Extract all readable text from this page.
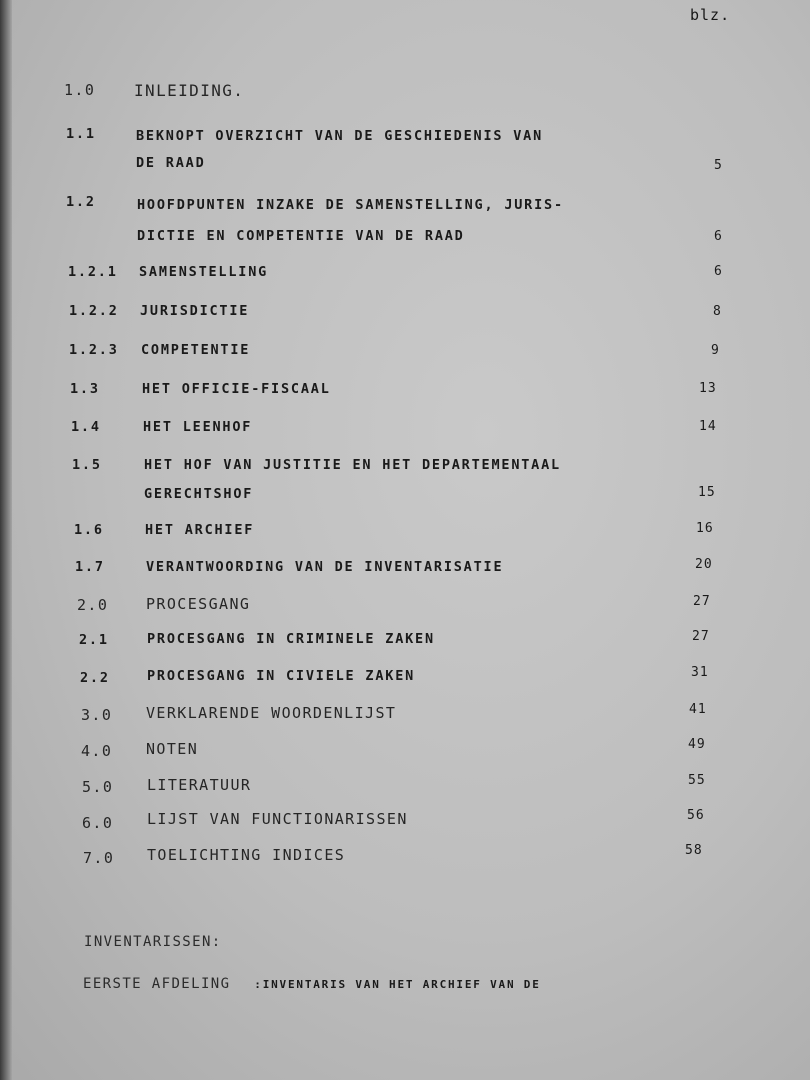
blz.
1.0 INLEIDING.
1.1	BEKNOPT OVERZICHT VAN DE GESCHIEDENIS VAN
DE RAAD	5
1.2	HOOFDPUNTEN INZAKE DE SAMENSTELLING, JURIS-
DICTIE EN COMPETENTIE VAN DE RAAD	6
1.2.1 SAMENSTELLING	6
1.2.2 JURISDICTIE	8
1.2.3 COMPETENTIE	9
1.3	HET OFFICIE-FISCAAL	13
1.4	HET LEENHOF	14
1.5	HET HOF VAN JUSTITIE EN HET DEPARTEMENTAAL
GERECHTSHOF	15
1.6	HET ARCHIEF	16
1.7	VERANTWOORDING VAN DE INVENTARISATIE	20
2.0	PROCESGANG	27
2.1	PROCESGANG IN CRIMINELE ZAKEN	27
2.2	PROCESGANG IN CIVIELE ZAKEN	31
3.0 VERKLARENDE WOORDENLIJST	41
4.0 NOTEN	49
5.0 LITERATUUR	55
6.0 LIJST VAN FUNCTIONARISSEN	56
7.0 TOELICHTING INDICES	58
INVENTARISSEN:
EERSTE AFDELING :INVENTARIS VAN HET ARCHIEF VAN DE
